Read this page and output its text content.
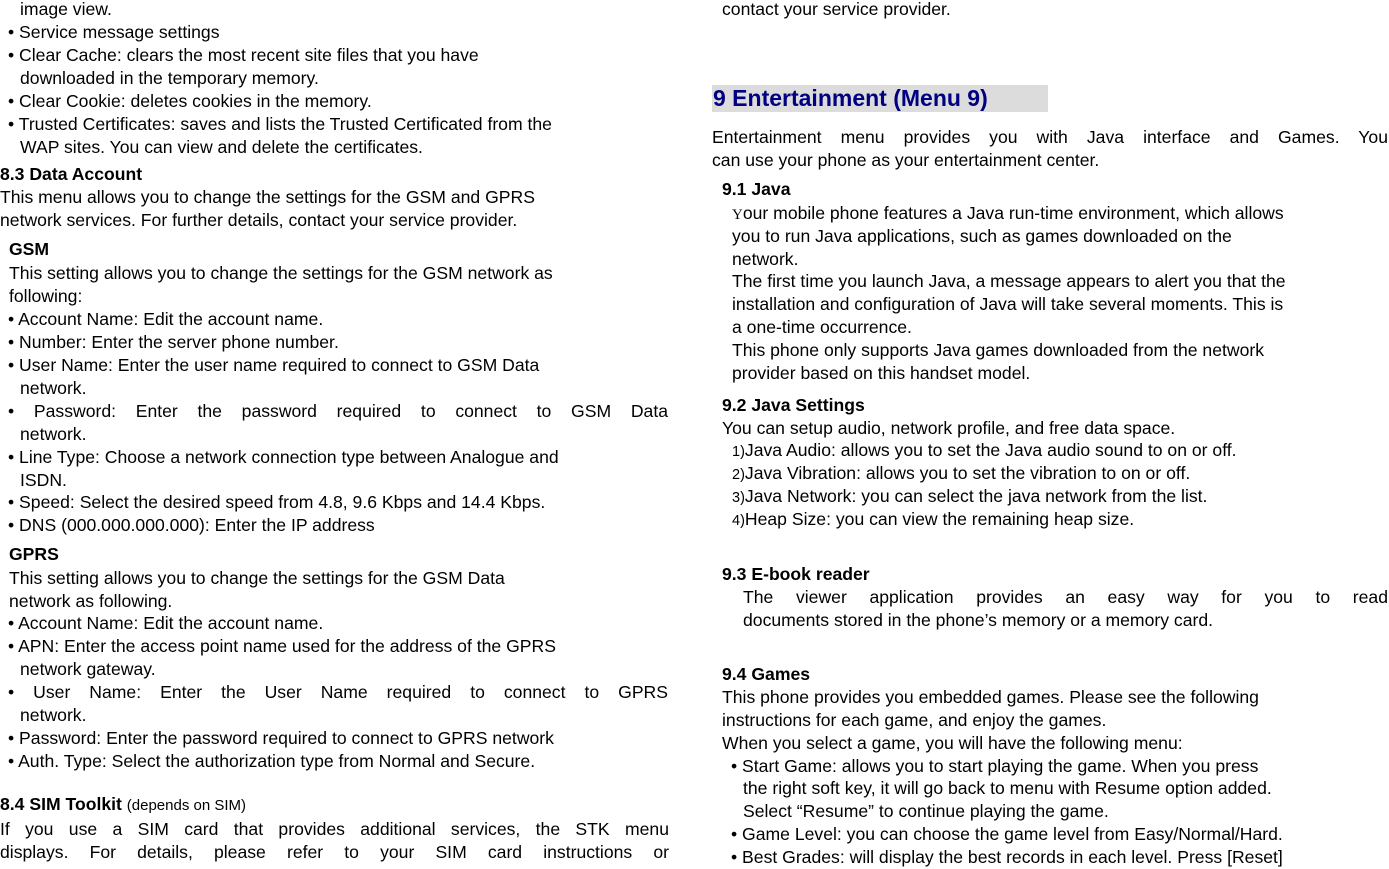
image view.
• Service message settings
• Clear Cache: clears the most recent site files that you have
downloaded in the temporary memory.
• Clear Cookie: deletes cookies in the memory.
• Trusted Certificates: saves and lists the Trusted Certificated from the
WAP sites. You can view and delete the certificates.
8.3 Data Account
This menu allows you to change the settings for the GSM and GPRS
network services. For further details, contact your service provider.
GSM
This setting allows you to change the settings for the GSM network as
following:
• Account Name: Edit the account name.
• Number: Enter the server phone number.
• User Name: Enter the user name required to connect to GSM Data
network.
• Password: Enter the password required to connect to GSM Data
network.
• Line Type: Choose a network connection type between Analogue and
ISDN.
• Speed: Select the desired speed from 4.8, 9.6 Kbps and 14.4 Kbps.
• DNS (000.000.000.000): Enter the IP address
GPRS
This setting allows you to change the settings for the GSM Data
network as following.
• Account Name: Edit the account name.
• APN: Enter the access point name used for the address of the GPRS
network gateway.
• User Name: Enter the User Name required to connect to GPRS
network.
• Password: Enter the password required to connect to GPRS network
• Auth. Type: Select the authorization type from Normal and Secure.
8.4 SIM Toolkit (depends on SIM)
If you use a SIM card that provides additional services, the STK menu
displays. For details, please refer to your SIM card instructions or
contact your service provider.
9 Entertainment (Menu 9)
Entertainment menu provides you with Java interface and Games. You
can use your phone as your entertainment center.
9.1 Java
Your mobile phone features a Java run-time environment, which allows
you to run Java applications, such as games downloaded on the
network.
The first time you launch Java, a message appears to alert you that the
installation and configuration of Java will take several moments. This is
a one-time occurrence.
This phone only supports Java games downloaded from the network
provider based on this handset model.
9.2 Java Settings
You can setup audio, network profile, and free data space.
1)Java Audio: allows you to set the Java audio sound to on or off.
2)Java Vibration: allows you to set the vibration to on or off.
3)Java Network: you can select the java network from the list.
4)Heap Size: you can view the remaining heap size.
9.3 E-book reader
The viewer application provides an easy way for you to read
documents stored in the phone’s memory or a memory card.
9.4 Games
This phone provides you embedded games. Please see the following
instructions for each game, and enjoy the games.
When you select a game, you will have the following menu:
• Start Game: allows you to start playing the game. When you press
the right soft key, it will go back to menu with Resume option added.
Select “Resume” to continue playing the game.
• Game Level: you can choose the game level from Easy/Normal/Hard.
• Best Grades: will display the best records in each level. Press [Reset]
